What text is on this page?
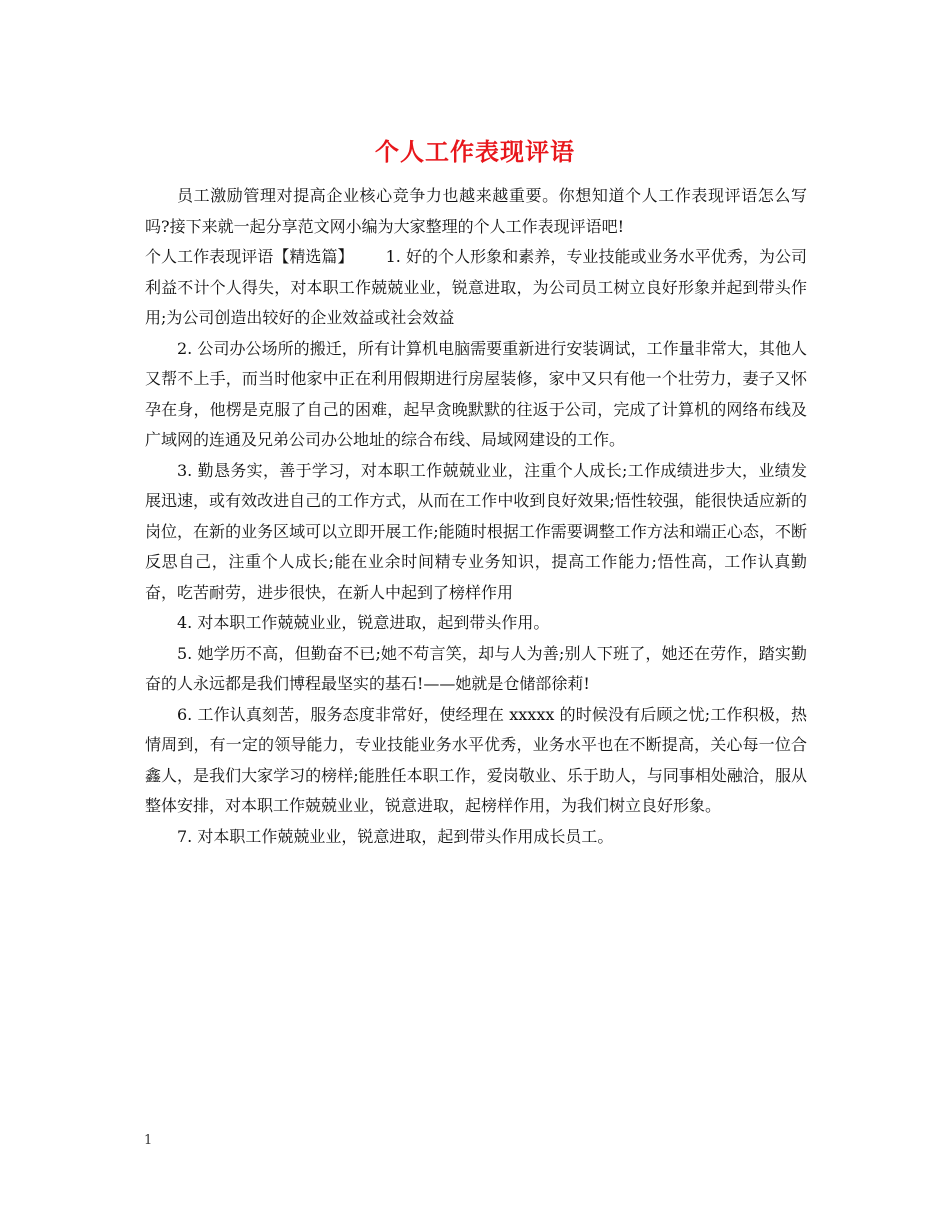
个人工作表现评语

员工激励管理对提高企业核心竞争力也越来越重要。你想知道个人工作表现评语怎么写吗?接下来就一起分享范文网小编为大家整理的个人工作表现评语吧!

个人工作表现评语【精选篇】   1. 好的个人形象和素养，专业技能或业务水平优秀，为公司利益不计个人得失，对本职工作兢兢业业，锐意进取，为公司员工树立良好形象并起到带头作用;为公司创造出较好的企业效益或社会效益

2. 公司办公场所的搬迁，所有计算机电脑需要重新进行安装调试，工作量非常大，其他人又帮不上手，而当时他家中正在利用假期进行房屋装修，家中又只有他一个壮劳力，妻子又怀孕在身，他楞是克服了自己的困难，起早贪晚默默的往返于公司，完成了计算机的网络布线及广域网的连通及兄弟公司办公地址的综合布线、局域网建设的工作。

3. 勤恳务实，善于学习，对本职工作兢兢业业，注重个人成长;工作成绩进步大，业绩发展迅速，或有效改进自己的工作方式，从而在工作中收到良好效果;悟性较强，能很快适应新的岗位，在新的业务区域可以立即开展工作;能随时根据工作需要调整工作方法和端正心态，不断反思自己，注重个人成长;能在业余时间精专业务知识，提高工作能力;悟性高，工作认真勤奋，吃苦耐劳，进步很快，在新人中起到了榜样作用

4. 对本职工作兢兢业业，锐意进取，起到带头作用。

5. 她学历不高，但勤奋不已;她不苟言笑，却与人为善;别人下班了，她还在劳作，踏实勤奋的人永远都是我们博程最坚实的基石!——她就是仓储部徐莉!

6. 工作认真刻苦，服务态度非常好，使经理在 xxxxx 的时候没有后顾之忧;工作积极，热情周到，有一定的领导能力，专业技能业务水平优秀，业务水平也在不断提高，关心每一位合鑫人，是我们大家学习的榜样;能胜任本职工作，爱岗敬业、乐于助人，与同事相处融洽，服从整体安排，对本职工作兢兢业业，锐意进取，起榜样作用，为我们树立良好形象。

7. 对本职工作兢兢业业，锐意进取，起到带头作用成长员工。

1
